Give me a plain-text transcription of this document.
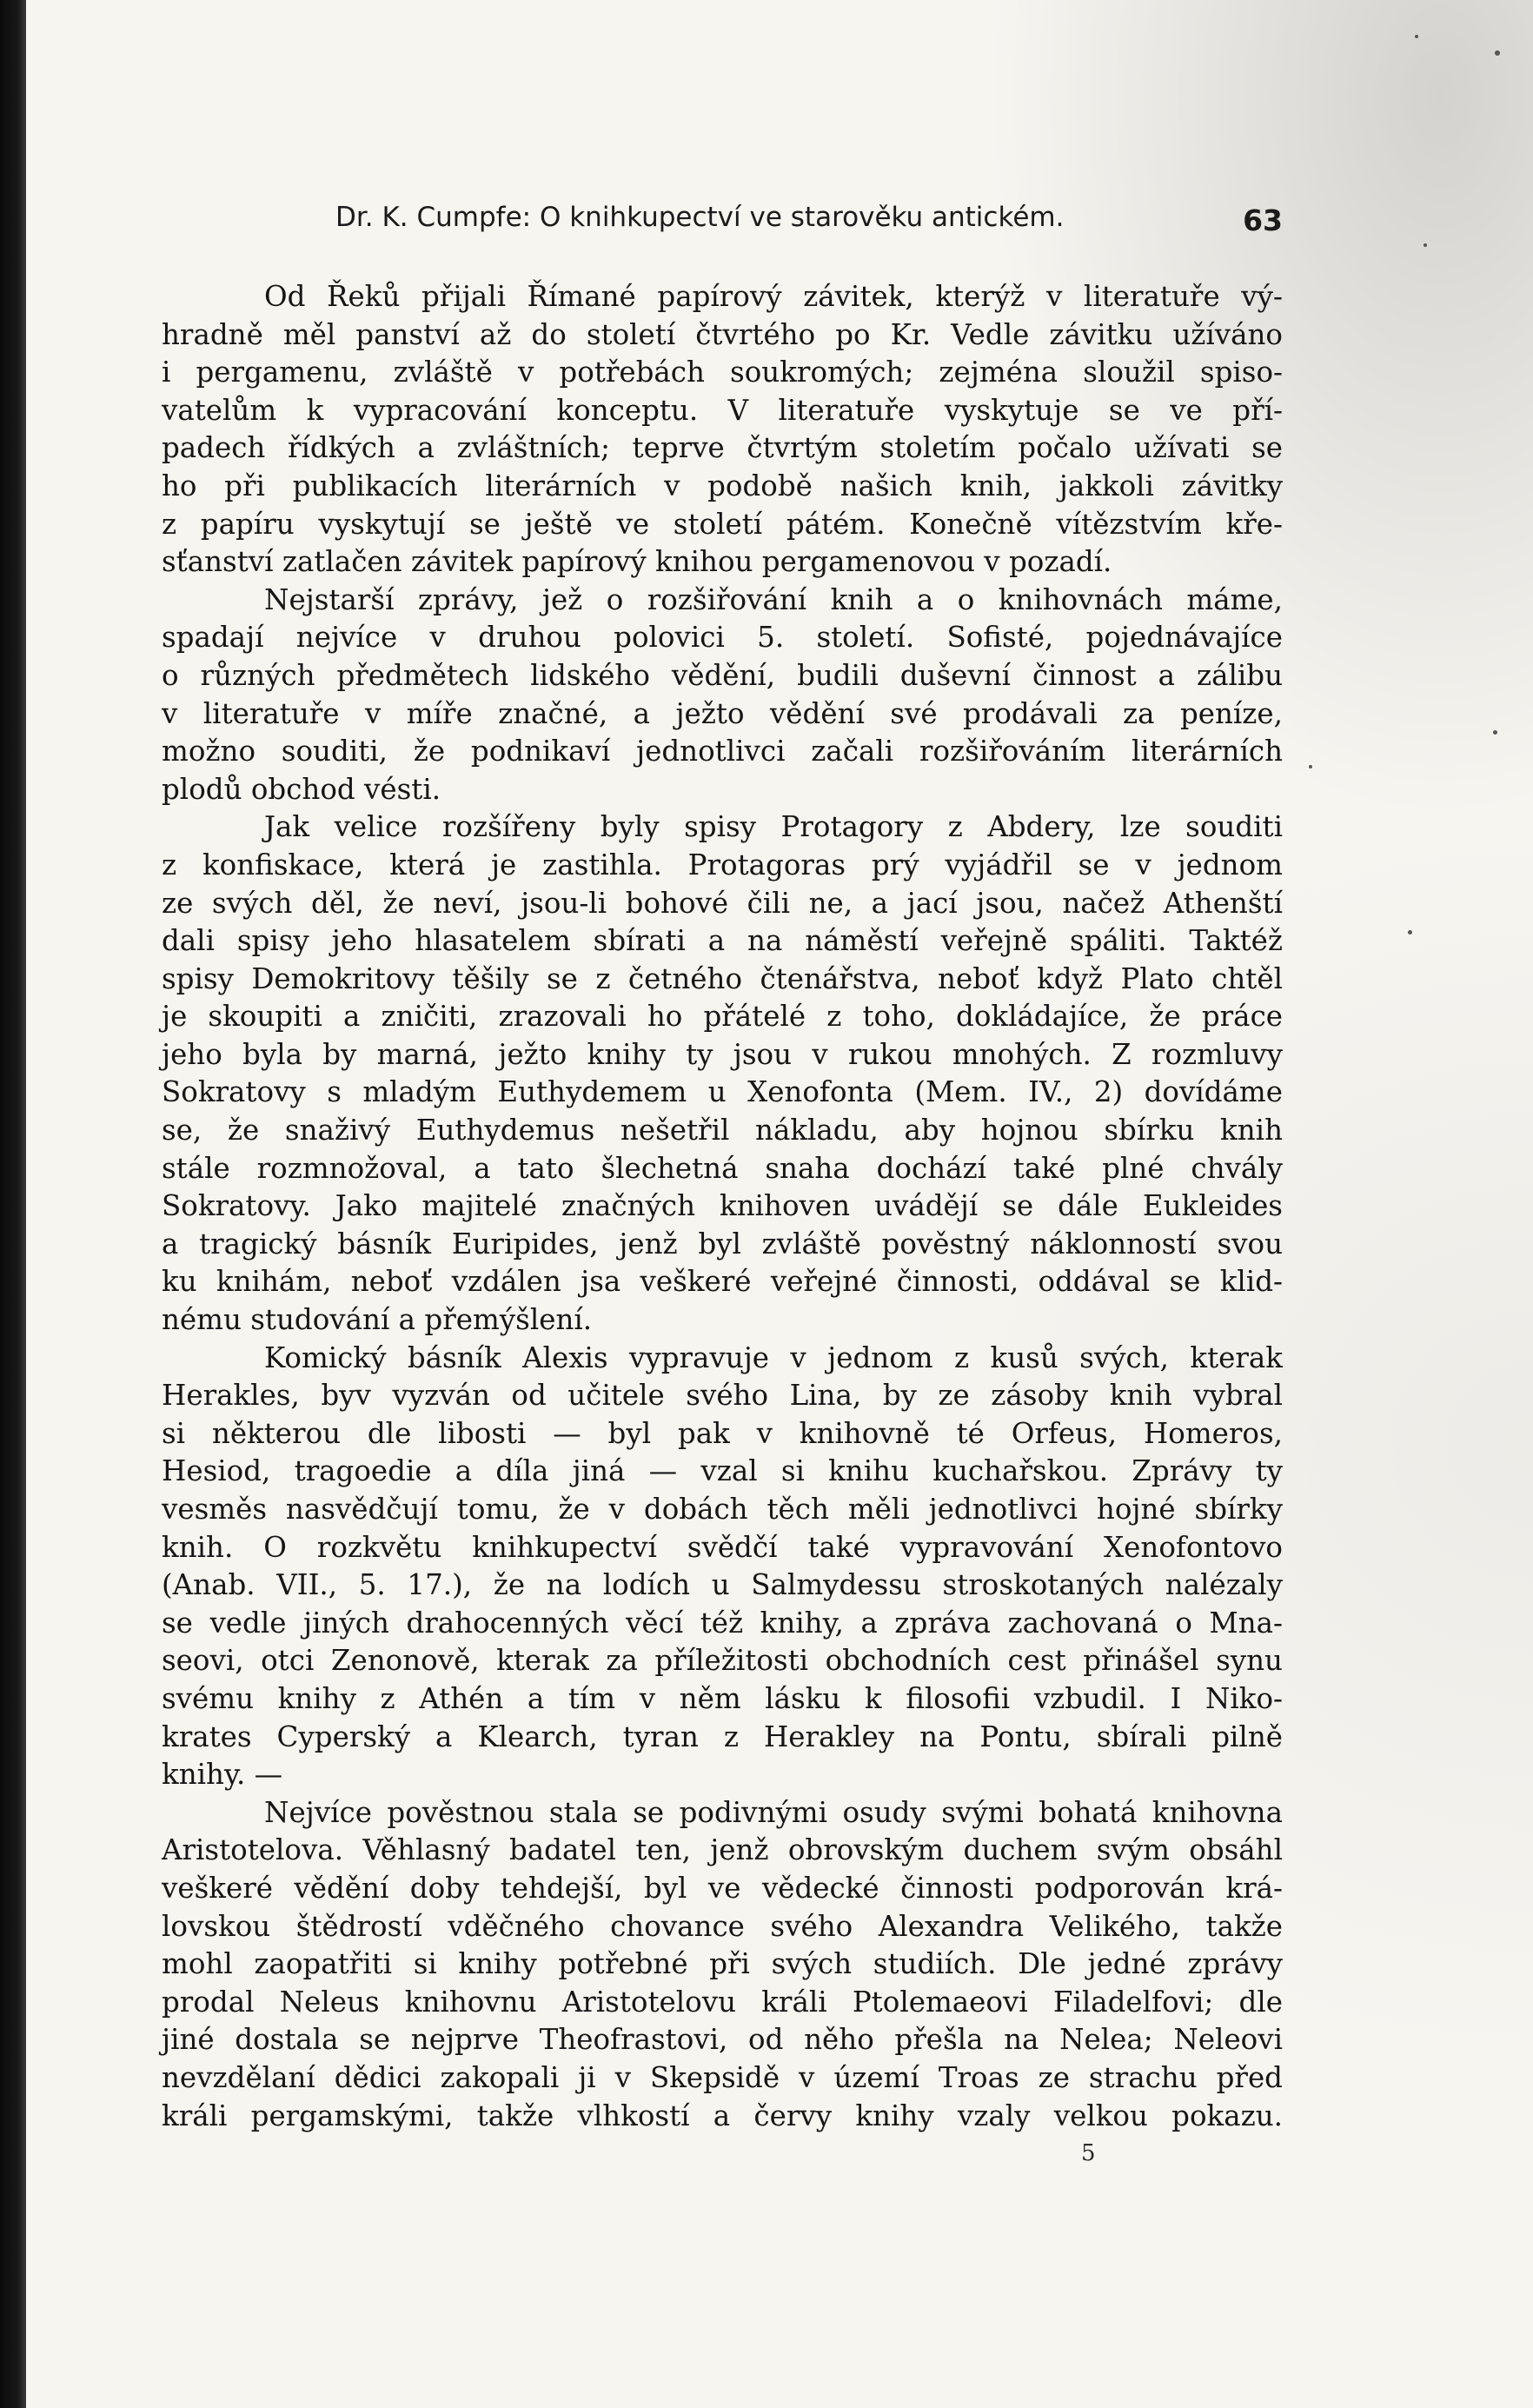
Dr. K. Cumpfe: O knihkupectví ve starověku antickém.	63
Od Řeků přijali Římané papírový závitek, kterýž v literatuře vý-
hradně měl panství až do století čtvrtého po Kr. Vedle závitku užíváno
i pergamenu, zvláště v potřebách soukromých; zejména sloužil spiso-
vatelům k vypracování konceptu. V literatuře vyskytuje se ve pří-
padech řídkých a zvláštních; teprve čtvrtým stoletím počalo užívati se
ho při publikacích literárních v podobě našich knih, jakkoli závitky
z papíru vyskytují se ještě ve století pátém. Konečně vítězstvím kře-
sťanství zatlačen závitek papírový knihou pergamenovou v pozadí.
Nejstarší zprávy, jež o rozšiřování knih a o knihovnách máme,
spadají nejvíce v druhou polovici 5. století. Sofisté, pojednávajíce
o různých předmětech lidského vědění, budili duševní činnost a zálibu
v literatuře v míře značné, a ježto vědění své prodávali za peníze,
možno souditi, že podnikaví jednotlivci začali rozšiřováním literárních
plodů obchod vésti.
Jak velice rozšířeny byly spisy Protagory z Abdery, lze souditi
z konfiskace, která je zastihla. Protagoras prý vyjádřil se v jednom
ze svých děl, že neví, jsou-li bohové čili ne, a jací jsou, načež Athenští
dali spisy jeho hlasatelem sbírati a na náměstí veřejně spáliti. Taktéž
spisy Demokritovy těšily se z četného čtenářstva, neboť když Plato chtěl
je skoupiti a zničiti, zrazovali ho přátelé z toho, dokládajíce, že práce
jeho byla by marná, ježto knihy ty jsou v rukou mnohých. Z rozmluvy
Sokratovy s mladým Euthydemem u Xenofonta (Mem. IV., 2) dovídáme
se, že snaživý Euthydemus nešetřil nákladu, aby hojnou sbírku knih
stále rozmnožoval, a tato šlechetná snaha dochází také plné chvály
Sokratovy. Jako majitelé značných knihoven uvádějí se dále Eukleides
a tragický básník Euripides, jenž byl zvláště pověstný náklonností svou
ku knihám, neboť vzdálen jsa veškeré veřejné činnosti, oddával se klid-
nému studování a přemýšlení.
Komický básník Alexis vypravuje v jednom z kusů svých, kterak
Herakles, byv vyzván od učitele svého Lina, by ze zásoby knih vybral
si některou dle libosti — byl pak v knihovně té Orfeus, Homeros,
Hesiod, tragoedie a díla jiná — vzal si knihu kuchařskou. Zprávy ty
vesměs nasvědčují tomu, že v dobách těch měli jednotlivci hojné sbírky
knih. O rozkvětu knihkupectví svědčí také vypravování Xenofontovo
(Anab. VII., 5. 17.), že na lodích u Salmydessu stroskotaných nalézaly
se vedle jiných drahocenných věcí též knihy, a zpráva zachovaná o Mna-
seovi, otci Zenonově, kterak za příležitosti obchodních cest přinášel synu
svému knihy z Athén a tím v něm lásku k filosofii vzbudil. I Niko-
krates Cyperský a Klearch, tyran z Herakley na Pontu, sbírali pilně
knihy. —
Nejvíce pověstnou stala se podivnými osudy svými bohatá knihovna
Aristotelova. Věhlasný badatel ten, jenž obrovským duchem svým obsáhl
veškeré vědění doby tehdejší, byl ve vědecké činnosti podporován krá-
lovskou štědrostí vděčného chovance svého Alexandra Velikého, takže
mohl zaopatřiti si knihy potřebné při svých studiích. Dle jedné zprávy
prodal Neleus knihovnu Aristotelovu králi Ptolemaeovi Filadelfovi; dle
jiné dostala se nejprve Theofrastovi, od něho přešla na Nelea; Neleovi
nevzdělaní dědici zakopali ji v Skepsidě v území Troas ze strachu před
králi pergamskými, takže vlhkostí a červy knihy vzaly velkou pokazu.
5
